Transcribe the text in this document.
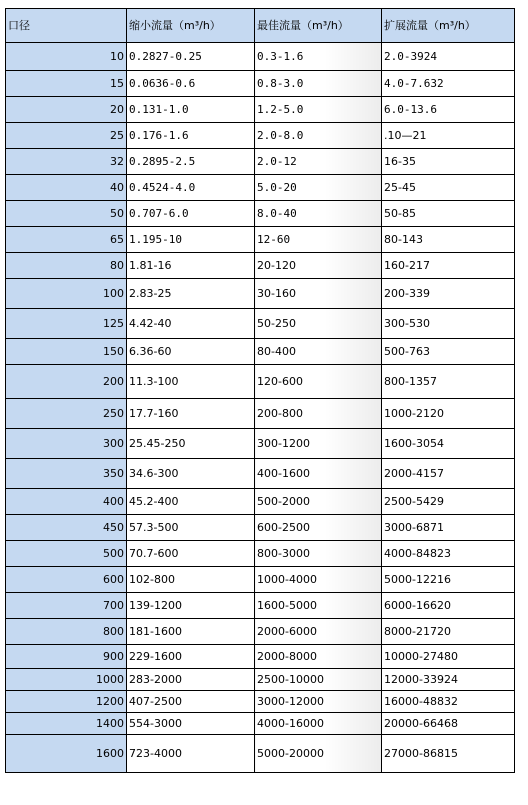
口径	缩小流量（m³/h）	最佳流量（m³/h）	扩展流量（m³/h）
10	0.2827-0.25	0.3-1.6	2.0-3924
15	0.0636-0.6	0.8-3.0	4.0-7.632
20	0.131-1.0	1.2-5.0	6.0-13.6
25	0.176-1.6	2.0-8.0	.10—21
32	0.2895-2.5	2.0-12	16-35
40	0.4524-4.0	5.0-20	25-45
50	0.707-6.0	8.0-40	50-85
65	1.195-10	12-60	80-143
80	1.81-16	20-120	160-217
100	2.83-25	30-160	200-339
125	4.42-40	50-250	300-530
150	6.36-60	80-400	500-763
200	11.3-100	120-600	800-1357
250	17.7-160	200-800	1000-2120
300	25.45-250	300-1200	1600-3054
350	34.6-300	400-1600	2000-4157
400	45.2-400	500-2000	2500-5429
450	57.3-500	600-2500	3000-6871
500	70.7-600	800-3000	4000-84823
600	102-800	1000-4000	5000-12216
700	139-1200	1600-5000	6000-16620
800	181-1600	2000-6000	8000-21720
900	229-1600	2000-8000	10000-27480
1000	283-2000	2500-10000	12000-33924
1200	407-2500	3000-12000	16000-48832
1400	554-3000	4000-16000	20000-66468
1600	723-4000	5000-20000	27000-86815
